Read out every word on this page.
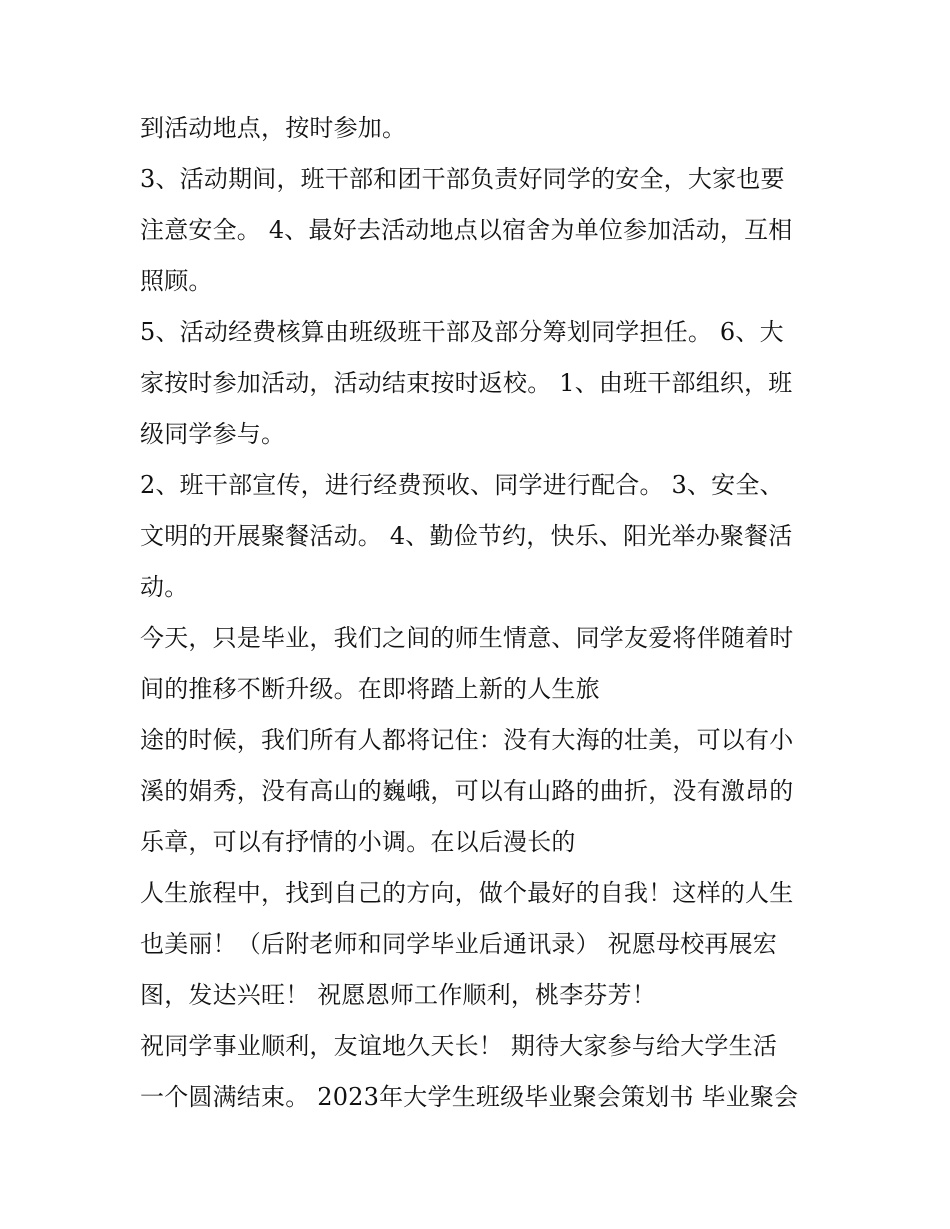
到活动地点，按时参加。

3、活动期间，班干部和团干部负责好同学的安全，大家也要

注意安全。 4、最好去活动地点以宿舍为单位参加活动，互相

照顾。

5、活动经费核算由班级班干部及部分筹划同学担任。 6、大

家按时参加活动，活动结束按时返校。 1、由班干部组织，班

级同学参与。

2、班干部宣传，进行经费预收、同学进行配合。 3、安全、

文明的开展聚餐活动。 4、勤俭节约，快乐、阳光举办聚餐活

动。

今天，只是毕业，我们之间的师生情意、同学友爱将伴随着时

间的推移不断升级。在即将踏上新的人生旅

途的时候，我们所有人都将记住：没有大海的壮美，可以有小

溪的娟秀，没有高山的巍峨，可以有山路的曲折，没有激昂的

乐章，可以有抒情的小调。在以后漫长的

人生旅程中，找到自己的方向，做个最好的自我！这样的人生

也美丽！（后附老师和同学毕业后通讯录） 祝愿母校再展宏

图，发达兴旺！ 祝愿恩师工作顺利，桃李芬芳！

祝同学事业顺利，友谊地久天长！ 期待大家参与给大学生活

一个圆满结束。 2023年大学生班级毕业聚会策划书 毕业聚会
